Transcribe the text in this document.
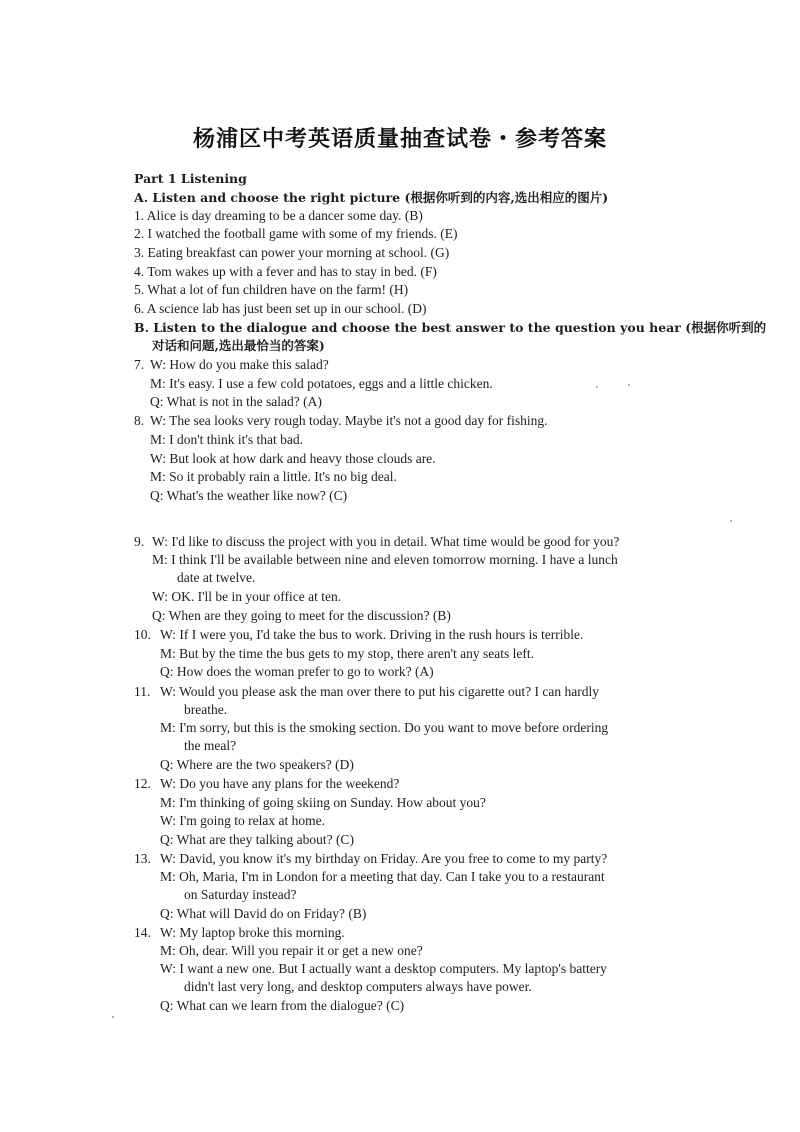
杨浦区中考英语质量抽查试卷・参考答案
Part 1 Listening
A. Listen and choose the right picture (根据你听到的内容,选出相应的图片)
1. Alice is day dreaming to be a dancer some day. (B)
2. I watched the football game with some of my friends. (E)
3. Eating breakfast can power your morning at school. (G)
4. Tom wakes up with a fever and has to stay in bed. (F)
5. What a lot of fun children have on the farm! (H)
6. A science lab has just been set up in our school. (D)
B. Listen to the dialogue and choose the best answer to the question you hear (根据你听到的
对话和问题,选出最恰当的答案)
7. W: How do you make this salad?
M: It's easy. I use a few cold potatoes, eggs and a little chicken.
Q: What is not in the salad? (A)
8. W: The sea looks very rough today. Maybe it's not a good day for fishing.
M: I don't think it's that bad.
W: But look at how dark and heavy those clouds are.
M: So it probably rain a little. It's no big deal.
Q: What's the weather like now? (C)
9. W: I'd like to discuss the project with you in detail. What time would be good for you?
M: I think I'll be available between nine and eleven tomorrow morning. I have a lunch
date at twelve.
W: OK. I'll be in your office at ten.
Q: When are they going to meet for the discussion? (B)
10. W: If I were you, I'd take the bus to work. Driving in the rush hours is terrible.
M: But by the time the bus gets to my stop, there aren't any seats left.
Q: How does the woman prefer to go to work? (A)
11. W: Would you please ask the man over there to put his cigarette out? I can hardly
breathe.
M: I'm sorry, but this is the smoking section. Do you want to move before ordering
the meal?
Q: Where are the two speakers? (D)
12. W: Do you have any plans for the weekend?
M: I'm thinking of going skiing on Sunday. How about you?
W: I'm going to relax at home.
Q: What are they talking about? (C)
13. W: David, you know it's my birthday on Friday. Are you free to come to my party?
M: Oh, Maria, I'm in London for a meeting that day. Can I take you to a restaurant
on Saturday instead?
Q: What will David do on Friday? (B)
14. W: My laptop broke this morning.
M: Oh, dear. Will you repair it or get a new one?
W: I want a new one. But I actually want a desktop computers. My laptop's battery
didn't last very long, and desktop computers always have power.
Q: What can we learn from the dialogue? (C)
